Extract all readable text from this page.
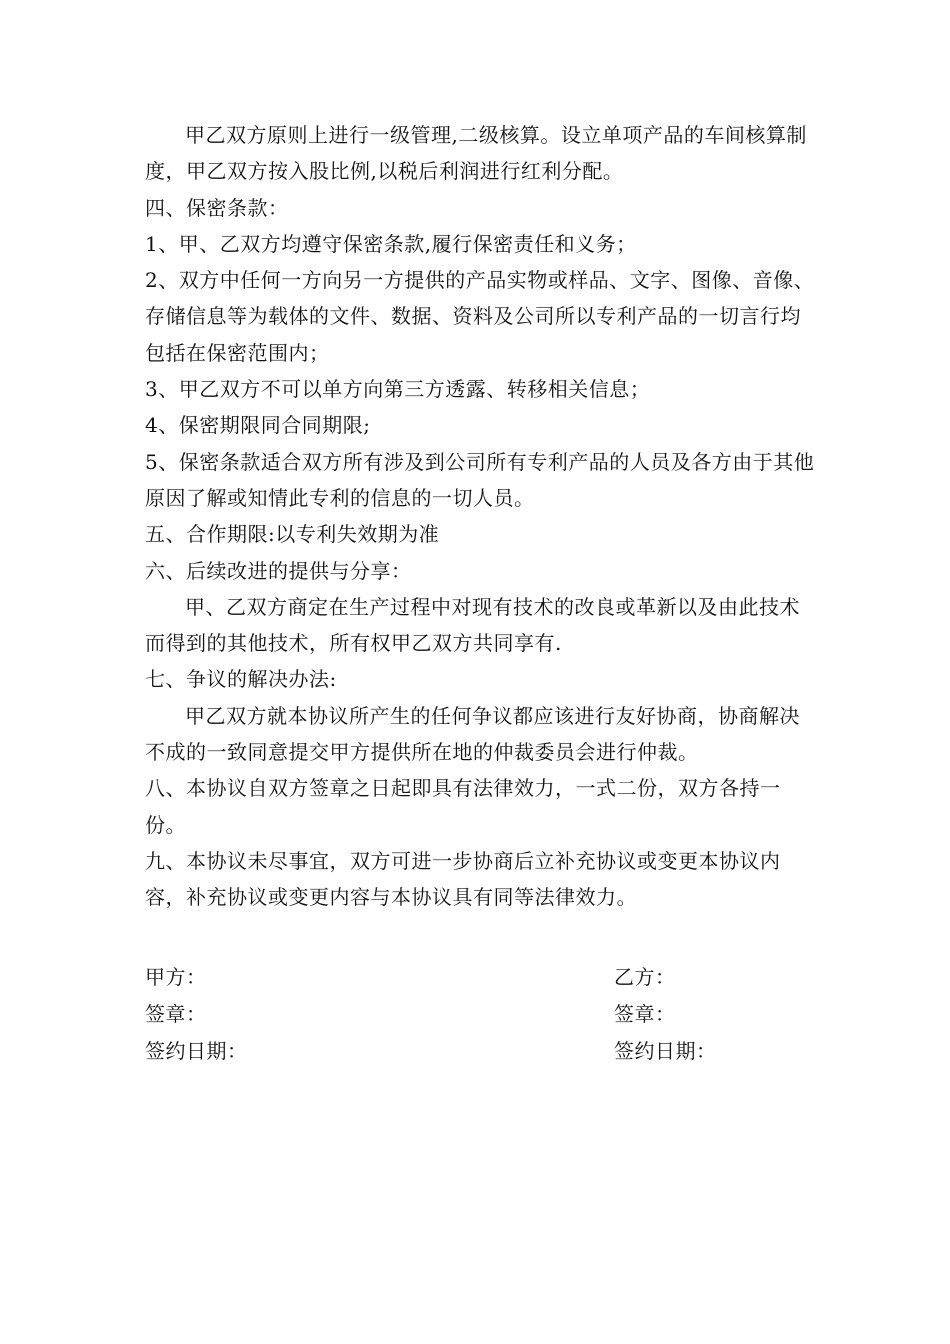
甲乙双方原则上进行一级管理,二级核算。设立单项产品的车间核算制度，甲乙双方按入股比例,以税后利润进行红利分配。

四、保密条款：

1、甲、乙双方均遵守保密条款,履行保密责任和义务；

2、双方中任何一方向另一方提供的产品实物或样品、文字、图像、音像、存储信息等为载体的文件、数据、资料及公司所以专利产品的一切言行均包括在保密范围内；

3、甲乙双方不可以单方向第三方透露、转移相关信息；

4、保密期限同合同期限;

5、保密条款适合双方所有涉及到公司所有专利产品的人员及各方由于其他原因了解或知情此专利的信息的一切人员。

五、合作期限:以专利失效期为准

六、后续改进的提供与分享：

甲、乙双方商定在生产过程中对现有技术的改良或革新以及由此技术而得到的其他技术，所有权甲乙双方共同享有.

七、争议的解决办法:

甲乙双方就本协议所产生的任何争议都应该进行友好协商，协商解决不成的一致同意提交甲方提供所在地的仲裁委员会进行仲裁。

八、本协议自双方签章之日起即具有法律效力，一式二份，双方各持一份。

九、本协议未尽事宜，双方可进一步协商后立补充协议或变更本协议内容，补充协议或变更内容与本协议具有同等法律效力。

甲方：
签章：
签约日期：
乙方：
签章：
签约日期：
